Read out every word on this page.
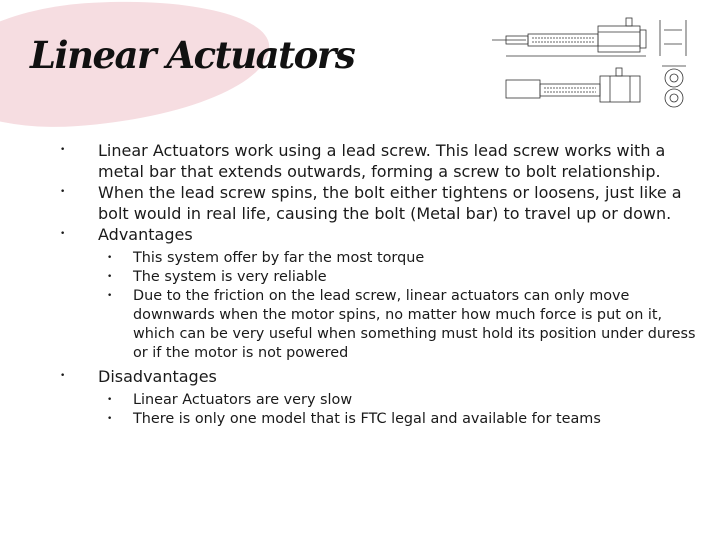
Linear Actuators
• Linear Actuators work using a lead screw. This lead screw works with a metal bar that extends outwards, forming a screw to bolt relationship.
• When the lead screw spins, the bolt either tightens or loosens, just like a bolt would in real life, causing the bolt (Metal bar) to travel up or down.
• Advantages
• This system offer by far the most torque
• The system is very reliable
• Due to the friction on the lead screw, linear actuators can only move downwards when the motor spins, no matter how much force is put on it, which can be very useful when something must hold its position under duress or if the motor is not powered
• Disadvantages
• Linear Actuators are very slow
• There is only one model that is FTC legal and available for teams
